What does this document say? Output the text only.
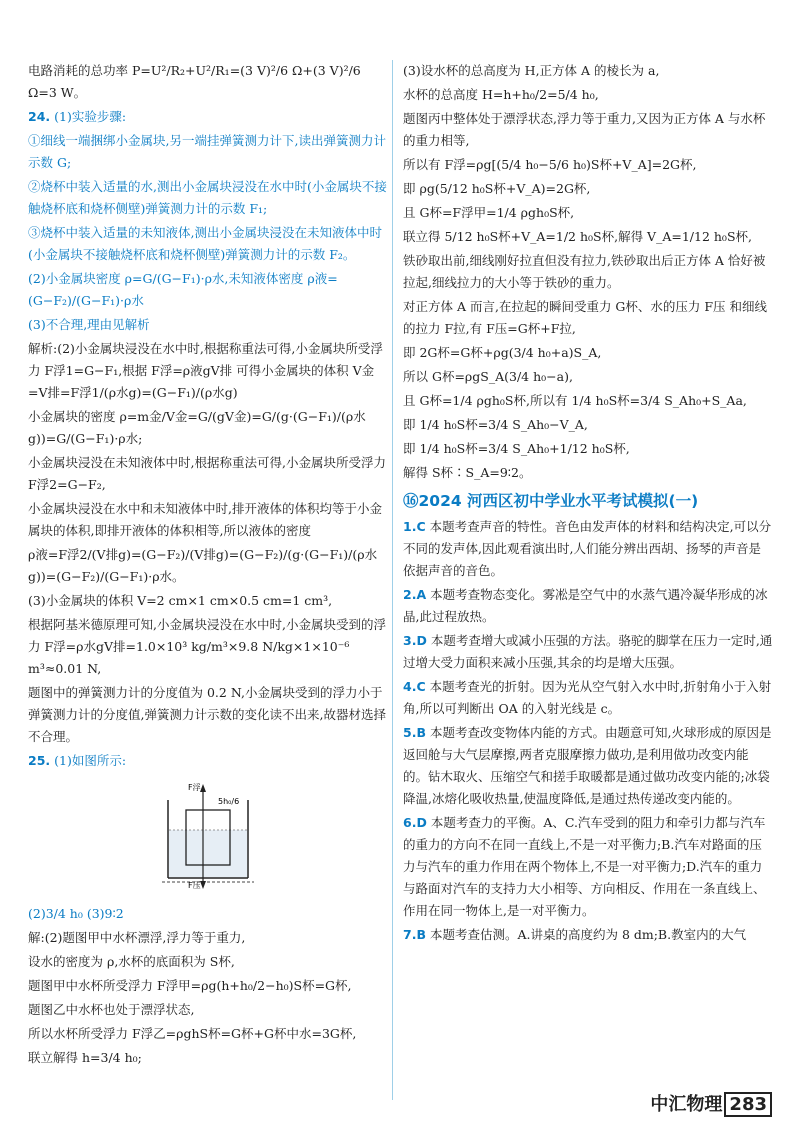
电路消耗的总功率 P=U²/R₂+U²/R₁=(3 V)²/6 Ω+(3 V)²/6 Ω=3 W。

24. (1)实验步骤:

①细线一端捆绑小金属块,另一端挂弹簧测力计下,读出弹簧测力计示数 G;

②烧杯中装入适量的水,测出小金属块浸没在水中时(小金属块不接触烧杯底和烧杯侧壁)弹簧测力计的示数 F₁;

③烧杯中装入适量的未知液体,测出小金属块浸没在未知液体中时(小金属块不接触烧杯底和烧杯侧壁)弹簧测力计的示数 F₂。

(2)小金属块密度 ρ=G/(G−F₁)·ρ水,未知液体密度 ρ液=(G−F₂)/(G−F₁)·ρ水

(3)不合理,理由见解析

解析:(2)小金属块浸没在水中时,根据称重法可得,小金属块所受浮力 F浮1=G−F₁,根据 F浮=ρ液gV排 可得小金属块的体积 V金=V排=F浮1/(ρ水g)=(G−F₁)/(ρ水g)

小金属块的密度 ρ=m金/V金=G/(gV金)=G/(g·(G−F₁)/(ρ水g))=G/(G−F₁)·ρ水;

小金属块浸没在未知液体中时,根据称重法可得,小金属块所受浮力 F浮2=G−F₂,

小金属块浸没在水中和未知液体中时,排开液体的体积均等于小金属块的体积,即排开液体的体积相等,所以液体的密度

ρ液=F浮2/(V排g)=(G−F₂)/(V排g)=(G−F₂)/(g·(G−F₁)/(ρ水g))=(G−F₂)/(G−F₁)·ρ水。

(3)小金属块的体积 V=2 cm×1 cm×0.5 cm=1 cm³,

根据阿基米德原理可知,小金属块浸没在水中时,小金属块受到的浮力 F浮=ρ水gV排=1.0×10³ kg/m³×9.8 N/kg×1×10⁻⁶ m³≈0.01 N,

题图中的弹簧测力计的分度值为 0.2 N,小金属块受到的浮力小于弹簧测力计的分度值,弹簧测力计示数的变化读不出来,故器材选择不合理。

25. (1)如图所示:

F浮
5h₀/6
F压

(2)3/4 h₀ (3)9∶2

解:(2)题图甲中水杯漂浮,浮力等于重力,

设水的密度为 ρ,水杯的底面积为 S杯,

题图甲中水杯所受浮力 F浮甲=ρg(h+h₀/2−h₀)S杯=G杯,

题图乙中水杯也处于漂浮状态,

所以水杯所受浮力 F浮乙=ρghS杯=G杯+G杯中水=3G杯,

联立解得 h=3/4 h₀;

(3)设水杯的总高度为 H,正方体 A 的棱长为 a,

水杯的总高度 H=h+h₀/2=5/4 h₀,

题图丙中整体处于漂浮状态,浮力等于重力,又因为正方体 A 与水杯的重力相等,

所以有 F浮=ρg[(5/4 h₀−5/6 h₀)S杯+V_A]=2G杯,

即 ρg(5/12 h₀S杯+V_A)=2G杯,

且 G杯=F浮甲=1/4 ρgh₀S杯,

联立得 5/12 h₀S杯+V_A=1/2 h₀S杯,解得 V_A=1/12 h₀S杯,

铁砂取出前,细线刚好拉直但没有拉力,铁砂取出后正方体 A 恰好被拉起,细线拉力的大小等于铁砂的重力。

对正方体 A 而言,在拉起的瞬间受重力 G杯、水的压力 F压 和细线的拉力 F拉,有 F压=G杯+F拉,

即 2G杯=G杯+ρg(3/4 h₀+a)S_A,

所以 G杯=ρgS_A(3/4 h₀−a),

且 G杯=1/4 ρgh₀S杯,所以有 1/4 h₀S杯=3/4 S_Ah₀+S_Aa,

即 1/4 h₀S杯=3/4 S_Ah₀−V_A,

即 1/4 h₀S杯=3/4 S_Ah₀+1/12 h₀S杯,

解得 S杯∶S_A=9∶2。

⑯2024 河西区初中学业水平考试模拟(一)

1.C 本题考查声音的特性。音色由发声体的材料和结构决定,可以分不同的发声体,因此观看演出时,人们能分辨出西胡、扬琴的声音是依据声音的音色。

2.A 本题考查物态变化。雾凇是空气中的水蒸气遇冷凝华形成的冰晶,此过程放热。

3.D 本题考查增大或减小压强的方法。骆驼的脚掌在压力一定时,通过增大受力面积来减小压强,其余的均是增大压强。

4.C 本题考查光的折射。因为光从空气射入水中时,折射角小于入射角,所以可判断出 OA 的入射光线是 c。

5.B 本题考查改变物体内能的方式。由题意可知,火球形成的原因是返回舱与大气层摩擦,两者克服摩擦力做功,是利用做功改变内能的。钻木取火、压缩空气和搓手取暖都是通过做功改变内能的;冰袋降温,冰熔化吸收热量,使温度降低,是通过热传递改变内能的。

6.D 本题考查力的平衡。A、C.汽车受到的阻力和牵引力都与汽车的重力的方向不在同一直线上,不是一对平衡力;B.汽车对路面的压力与汽车的重力作用在两个物体上,不是一对平衡力;D.汽车的重力与路面对汽车的支持力大小相等、方向相反、作用在一条直线上、作用在同一物体上,是一对平衡力。

7.B 本题考查估测。A.讲桌的高度约为 8 dm;B.教室内的大气

中汇物理 283
